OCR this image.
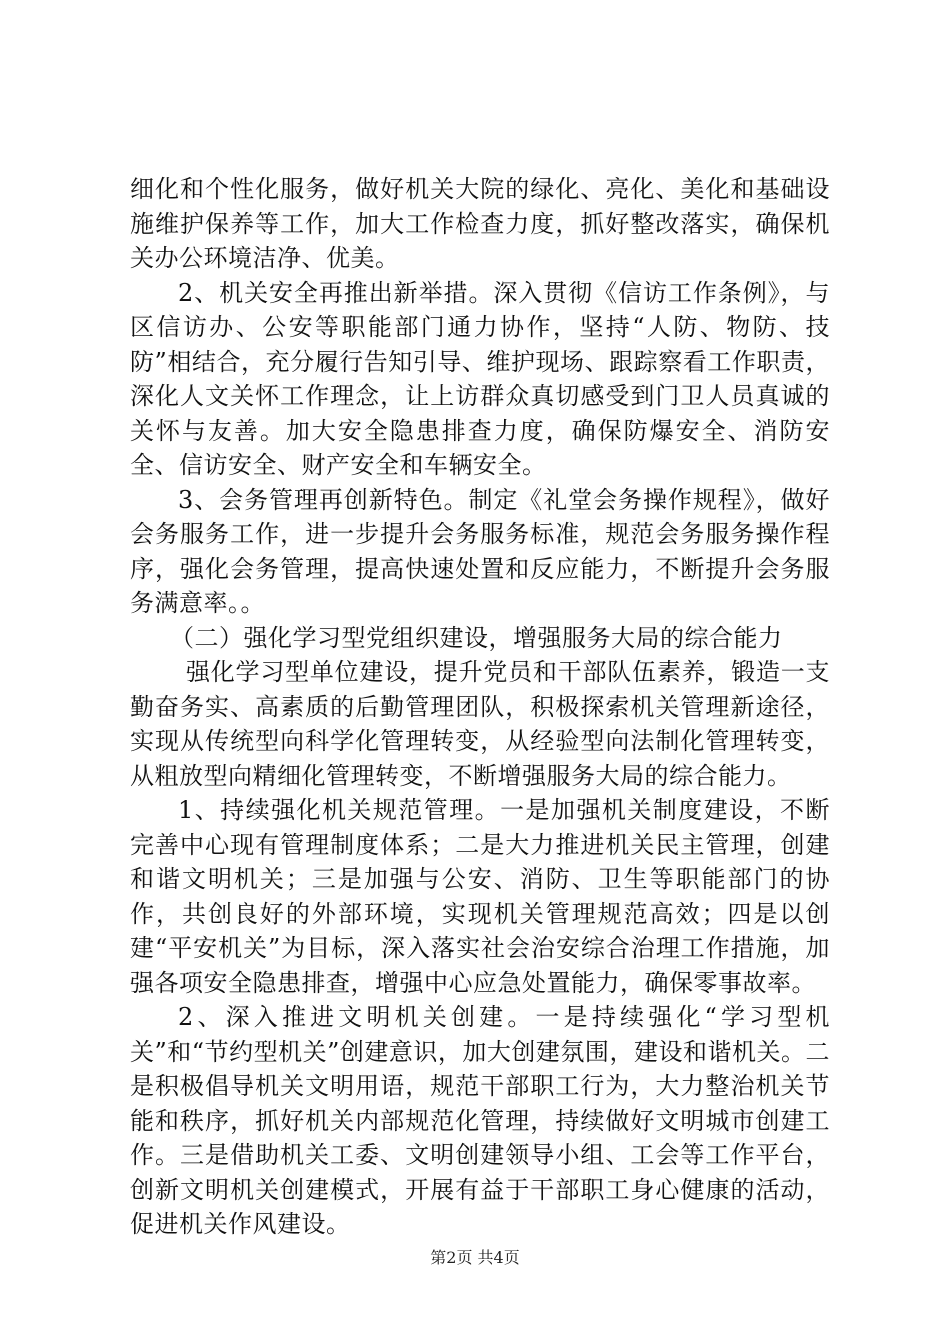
细化和个性化服务，做好机关大院的绿化、亮化、美化和基础设施维护保养等工作，加大工作检查力度，抓好整改落实，确保机关办公环境洁净、优美。

2、机关安全再推出新举措。深入贯彻《信访工作条例》，与区信访办、公安等职能部门通力协作，坚持“人防、物防、技防”相结合，充分履行告知引导、维护现场、跟踪察看工作职责，深化人文关怀工作理念，让上访群众真切感受到门卫人员真诚的关怀与友善。加大安全隐患排查力度，确保防爆安全、消防安全、信访安全、财产安全和车辆安全。

3、会务管理再创新特色。制定《礼堂会务操作规程》，做好会务服务工作，进一步提升会务服务标准，规范会务服务操作程序，强化会务管理，提高快速处置和反应能力，不断提升会务服务满意率。。

（二）强化学习型党组织建设，增强服务大局的综合能力

强化学习型单位建设，提升党员和干部队伍素养，锻造一支勤奋务实、高素质的后勤管理团队，积极探索机关管理新途径，实现从传统型向科学化管理转变，从经验型向法制化管理转变，从粗放型向精细化管理转变，不断增强服务大局的综合能力。

1、持续强化机关规范管理。一是加强机关制度建设，不断完善中心现有管理制度体系；二是大力推进机关民主管理，创建和谐文明机关；三是加强与公安、消防、卫生等职能部门的协作，共创良好的外部环境，实现机关管理规范高效；四是以创建“平安机关”为目标，深入落实社会治安综合治理工作措施，加强各项安全隐患排查，增强中心应急处置能力，确保零事故率。

2、深入推进文明机关创建。一是持续强化“学习型机关”和“节约型机关”创建意识，加大创建氛围，建设和谐机关。二是积极倡导机关文明用语，规范干部职工行为，大力整治机关节能和秩序，抓好机关内部规范化管理，持续做好文明城市创建工作。三是借助机关工委、文明创建领导小组、工会等工作平台，创新文明机关创建模式，开展有益于干部职工身心健康的活动，促进机关作风建设。

第2页 共4页
